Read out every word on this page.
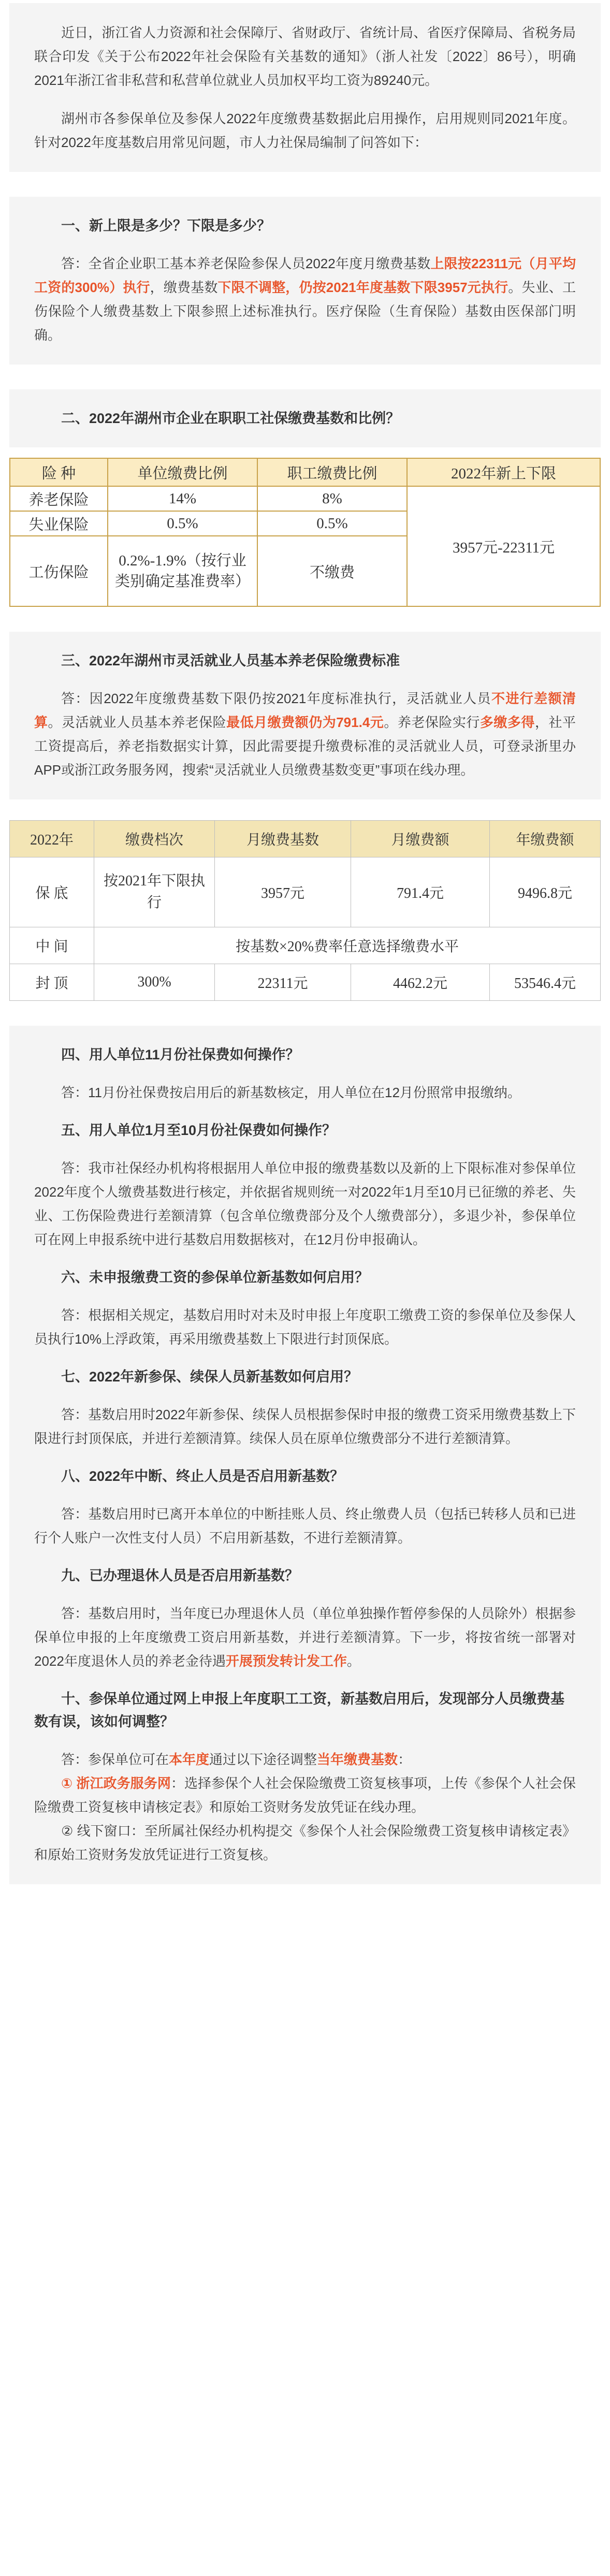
近日，浙江省人力资源和社会保障厅、省财政厅、省统计局、省医疗保障局、省税务局联合印发《关于公布2022年社会保险有关基数的通知》（浙人社发〔2022〕86号），明确2021年浙江省非私营和私营单位就业人员加权平均工资为89240元。

湖州市各参保单位及参保人2022年度缴费基数据此启用操作，启用规则同2021年度。针对2022年度基数启用常见问题，市人力社保局编制了问答如下：

一、新上限是多少？下限是多少？

答：全省企业职工基本养老保险参保人员2022年度月缴费基数上限按22311元（月平均工资的300%）执行，缴费基数下限不调整，仍按2021年度基数下限3957元执行。失业、工伤保险个人缴费基数上下限参照上述标准执行。医疗保险（生育保险）基数由医保部门明确。

二、2022年湖州市企业在职职工社保缴费基数和比例？
险 种	单位缴费比例	职工缴费比例	2022年新上下限
养老保险	14%	8%	3957元-22311元
失业保险	0.5%	0.5%	
工伤保险	0.2%-1.9%（按行业类别确定基准费率）	不缴费	
三、2022年湖州市灵活就业人员基本养老保险缴费标准

答：因2022年度缴费基数下限仍按2021年度标准执行，灵活就业人员不进行差额清算。灵活就业人员基本养老保险最低月缴费额仍为791.4元。养老保险实行多缴多得，社平工资提高后，养老指数据实计算，因此需要提升缴费标准的灵活就业人员，可登录浙里办APP或浙江政务服务网，搜索“灵活就业人员缴费基数变更”事项在线办理。

2022年	缴费档次	月缴费基数	月缴费额	年缴费额
保 底	按2021年下限执行	3957元	791.4元	9496.8元
中 间	按基数×20%费率任意选择缴费水平			
封 顶	300%	22311元	4462.2元	53546.4元
四、用人单位11月份社保费如何操作？

答：11月份社保费按启用后的新基数核定，用人单位在12月份照常申报缴纳。

五、用人单位1月至10月份社保费如何操作？

答：我市社保经办机构将根据用人单位申报的缴费基数以及新的上下限标准对参保单位2022年度个人缴费基数进行核定，并依据省规则统一对2022年1月至10月已征缴的养老、失业、工伤保险费进行差额清算（包含单位缴费部分及个人缴费部分），多退少补，参保单位可在网上申报系统中进行基数启用数据核对，在12月份申报确认。

六、未申报缴费工资的参保单位新基数如何启用？

答：根据相关规定，基数启用时对未及时申报上年度职工缴费工资的参保单位及参保人员执行10%上浮政策，再采用缴费基数上下限进行封顶保底。

七、2022年新参保、续保人员新基数如何启用？

答：基数启用时2022年新参保、续保人员根据参保时申报的缴费工资采用缴费基数上下限进行封顶保底，并进行差额清算。续保人员在原单位缴费部分不进行差额清算。

八、2022年中断、终止人员是否启用新基数？

答：基数启用时已离开本单位的中断挂账人员、终止缴费人员（包括已转移人员和已进行个人账户一次性支付人员）不启用新基数，不进行差额清算。

九、已办理退休人员是否启用新基数？

答：基数启用时，当年度已办理退休人员（单位单独操作暂停参保的人员除外）根据参保单位申报的上年度缴费工资启用新基数，并进行差额清算。下一步，将按省统一部署对2022年度退休人员的养老金待遇开展预发转计发工作。

十、参保单位通过网上申报上年度职工工资，新基数启用后，发现部分人员缴费基数有误，该如何调整？

答：参保单位可在本年度通过以下途径调整当年缴费基数：

① 浙江政务服务网：选择参保个人社会保险缴费工资复核事项，上传《参保个人社会保险缴费工资复核申请核定表》和原始工资财务发放凭证在线办理。

② 线下窗口：至所属社保经办机构提交《参保个人社会保险缴费工资复核申请核定表》和原始工资财务发放凭证进行工资复核。
